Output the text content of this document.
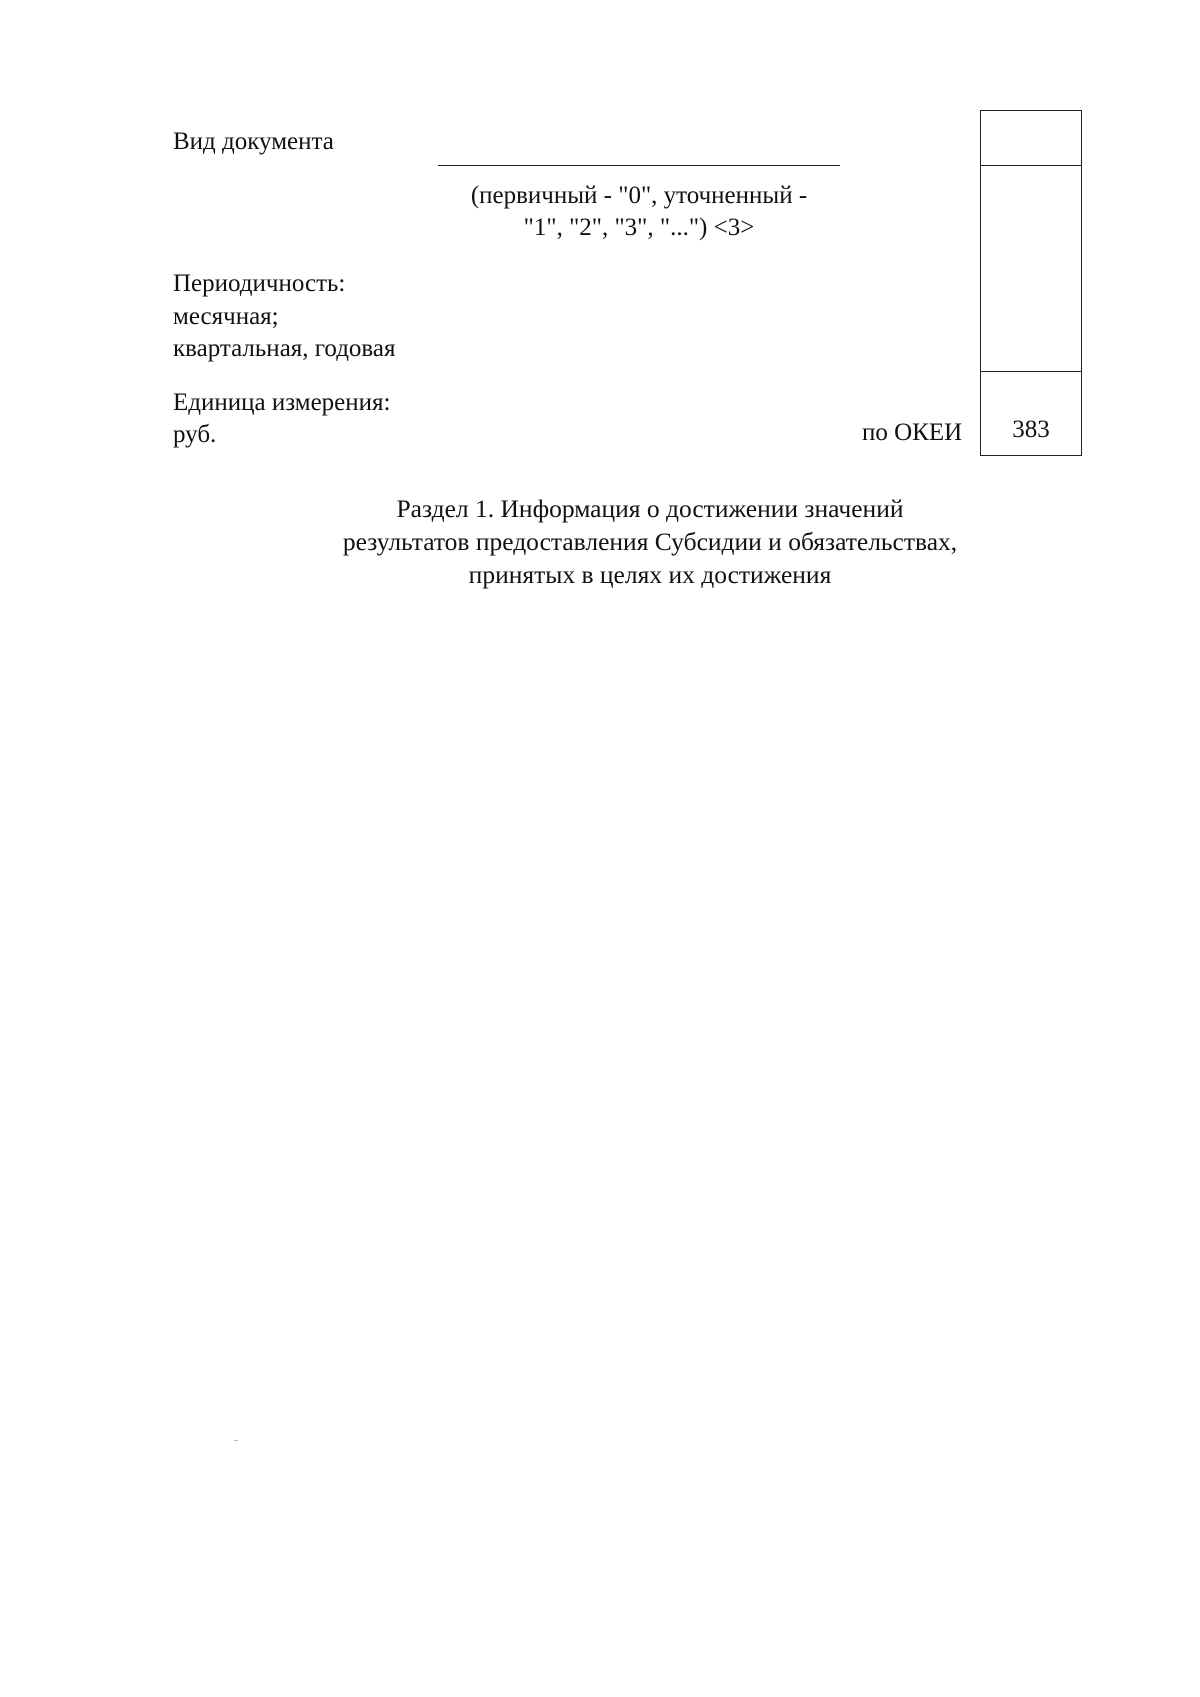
Вид документа
(первичный - "0", уточненный -
"1", "2", "3", "...") <3>
Периодичность:
месячная;
квартальная, годовая
Единица измерения:
руб.	по ОКЕИ	383
Раздел 1. Информация о достижении значений
результатов предоставления Субсидии и обязательствах,
принятых в целях их достижения
